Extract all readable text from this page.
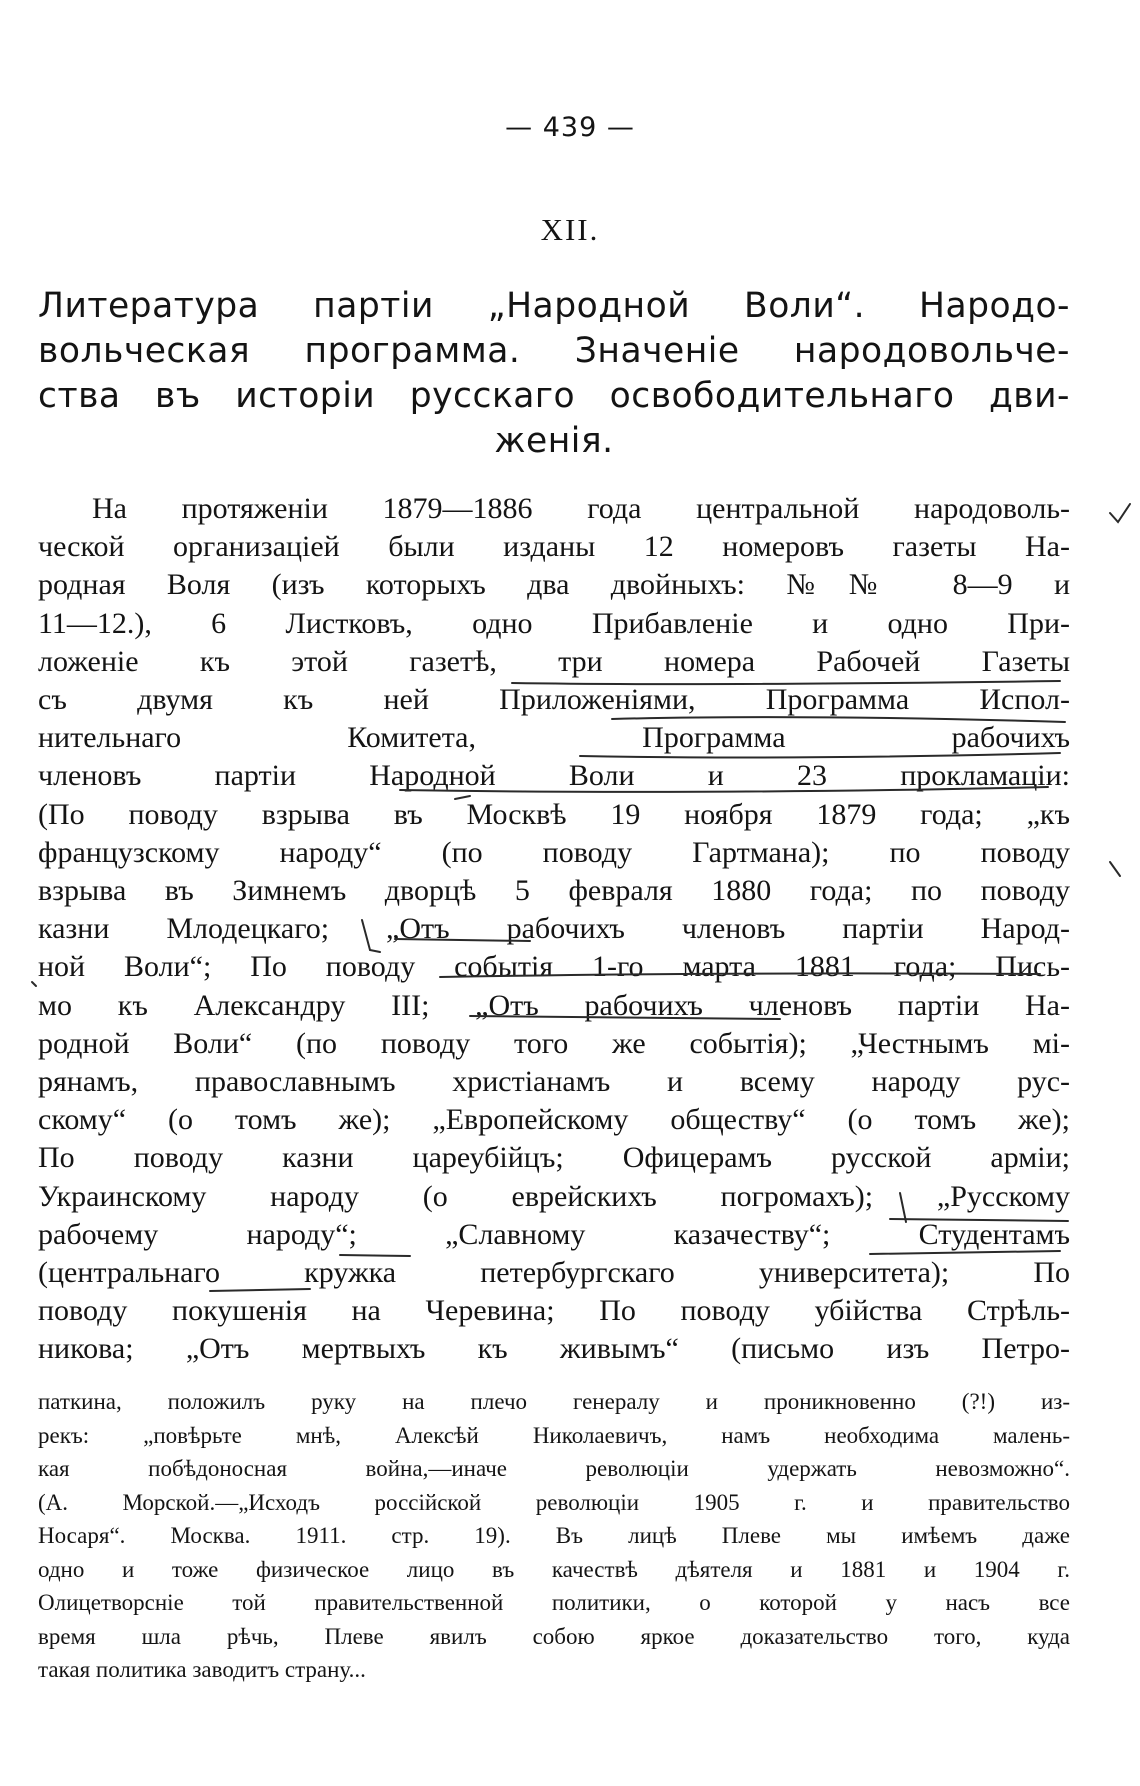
— 439 —
XII.
Литература партіи „Народной Воли“. Народо-
вольческая программа. Значеніе народовольче-
ства въ исторіи русскаго освободительнаго дви-
женія.
На протяженіи 1879—1886 года центральной народоволь-
ческой организаціей были изданы 12 номеровъ газеты На-
родная Воля (изъ которыхъ два двойныхъ: №№ 8—9 и
11—12.), 6 Листковъ, одно Прибавленіе и одно При-
ложеніе къ этой газетѣ, три номера Рабочей Газеты
съ двумя къ ней Приложеніями, Программа Испол-
нительнаго Комитета, Программа рабочихъ
членовъ партіи Народной Воли и 23 прокламаціи:
(По поводу взрыва въ Москвѣ 19 ноября 1879 года; „къ
французскому народу“ (по поводу Гартмана); по поводу
взрыва въ Зимнемъ дворцѣ 5 февраля 1880 года; по поводу
казни Млодецкаго; „Отъ рабочихъ членовъ партіи Народ-
ной Воли“; По поводу событія 1-го марта 1881 года; Пись-
мо къ Александру III; „Отъ рабочихъ членовъ партіи На-
родной Воли“ (по поводу того же событія); „Честнымъ мі-
рянамъ, православнымъ христіанамъ и всему народу рус-
скому“ (о томъ же); „Европейскому обществу“ (о томъ же);
По поводу казни цареубійцъ; Офицерамъ русской арміи;
Украинскому народу (о еврейскихъ погромахъ); „Русскому
рабочему народу“; „Славному казачеству“; Студентамъ
(центральнаго кружка петербургскаго университета); По
поводу покушенія на Черевина; По поводу убійства Стрѣль-
никова; „Отъ мертвыхъ къ живымъ“ (письмо изъ Петро-
паткина, положилъ руку на плечо генералу и проникновенно (?!) из-
рекъ: „повѣрьте мнѣ, Алексѣй Николаевичъ, намъ необходима малень-
кая побѣдоносная война,—иначе революціи удержать невозможно“.
(А. Морской.—„Исходъ россійской революціи 1905 г. и правительство
Носаря“. Москва. 1911. стр. 19). Въ лицѣ Плеве мы имѣемъ даже
одно и тоже физическое лицо въ качествѣ дѣятеля и 1881 и 1904 г.
Олицетворсніе той правительственной политики, о которой у насъ все
время шла рѣчь, Плеве явилъ собою яркое доказательство того, куда
такая политика заводитъ страну...
